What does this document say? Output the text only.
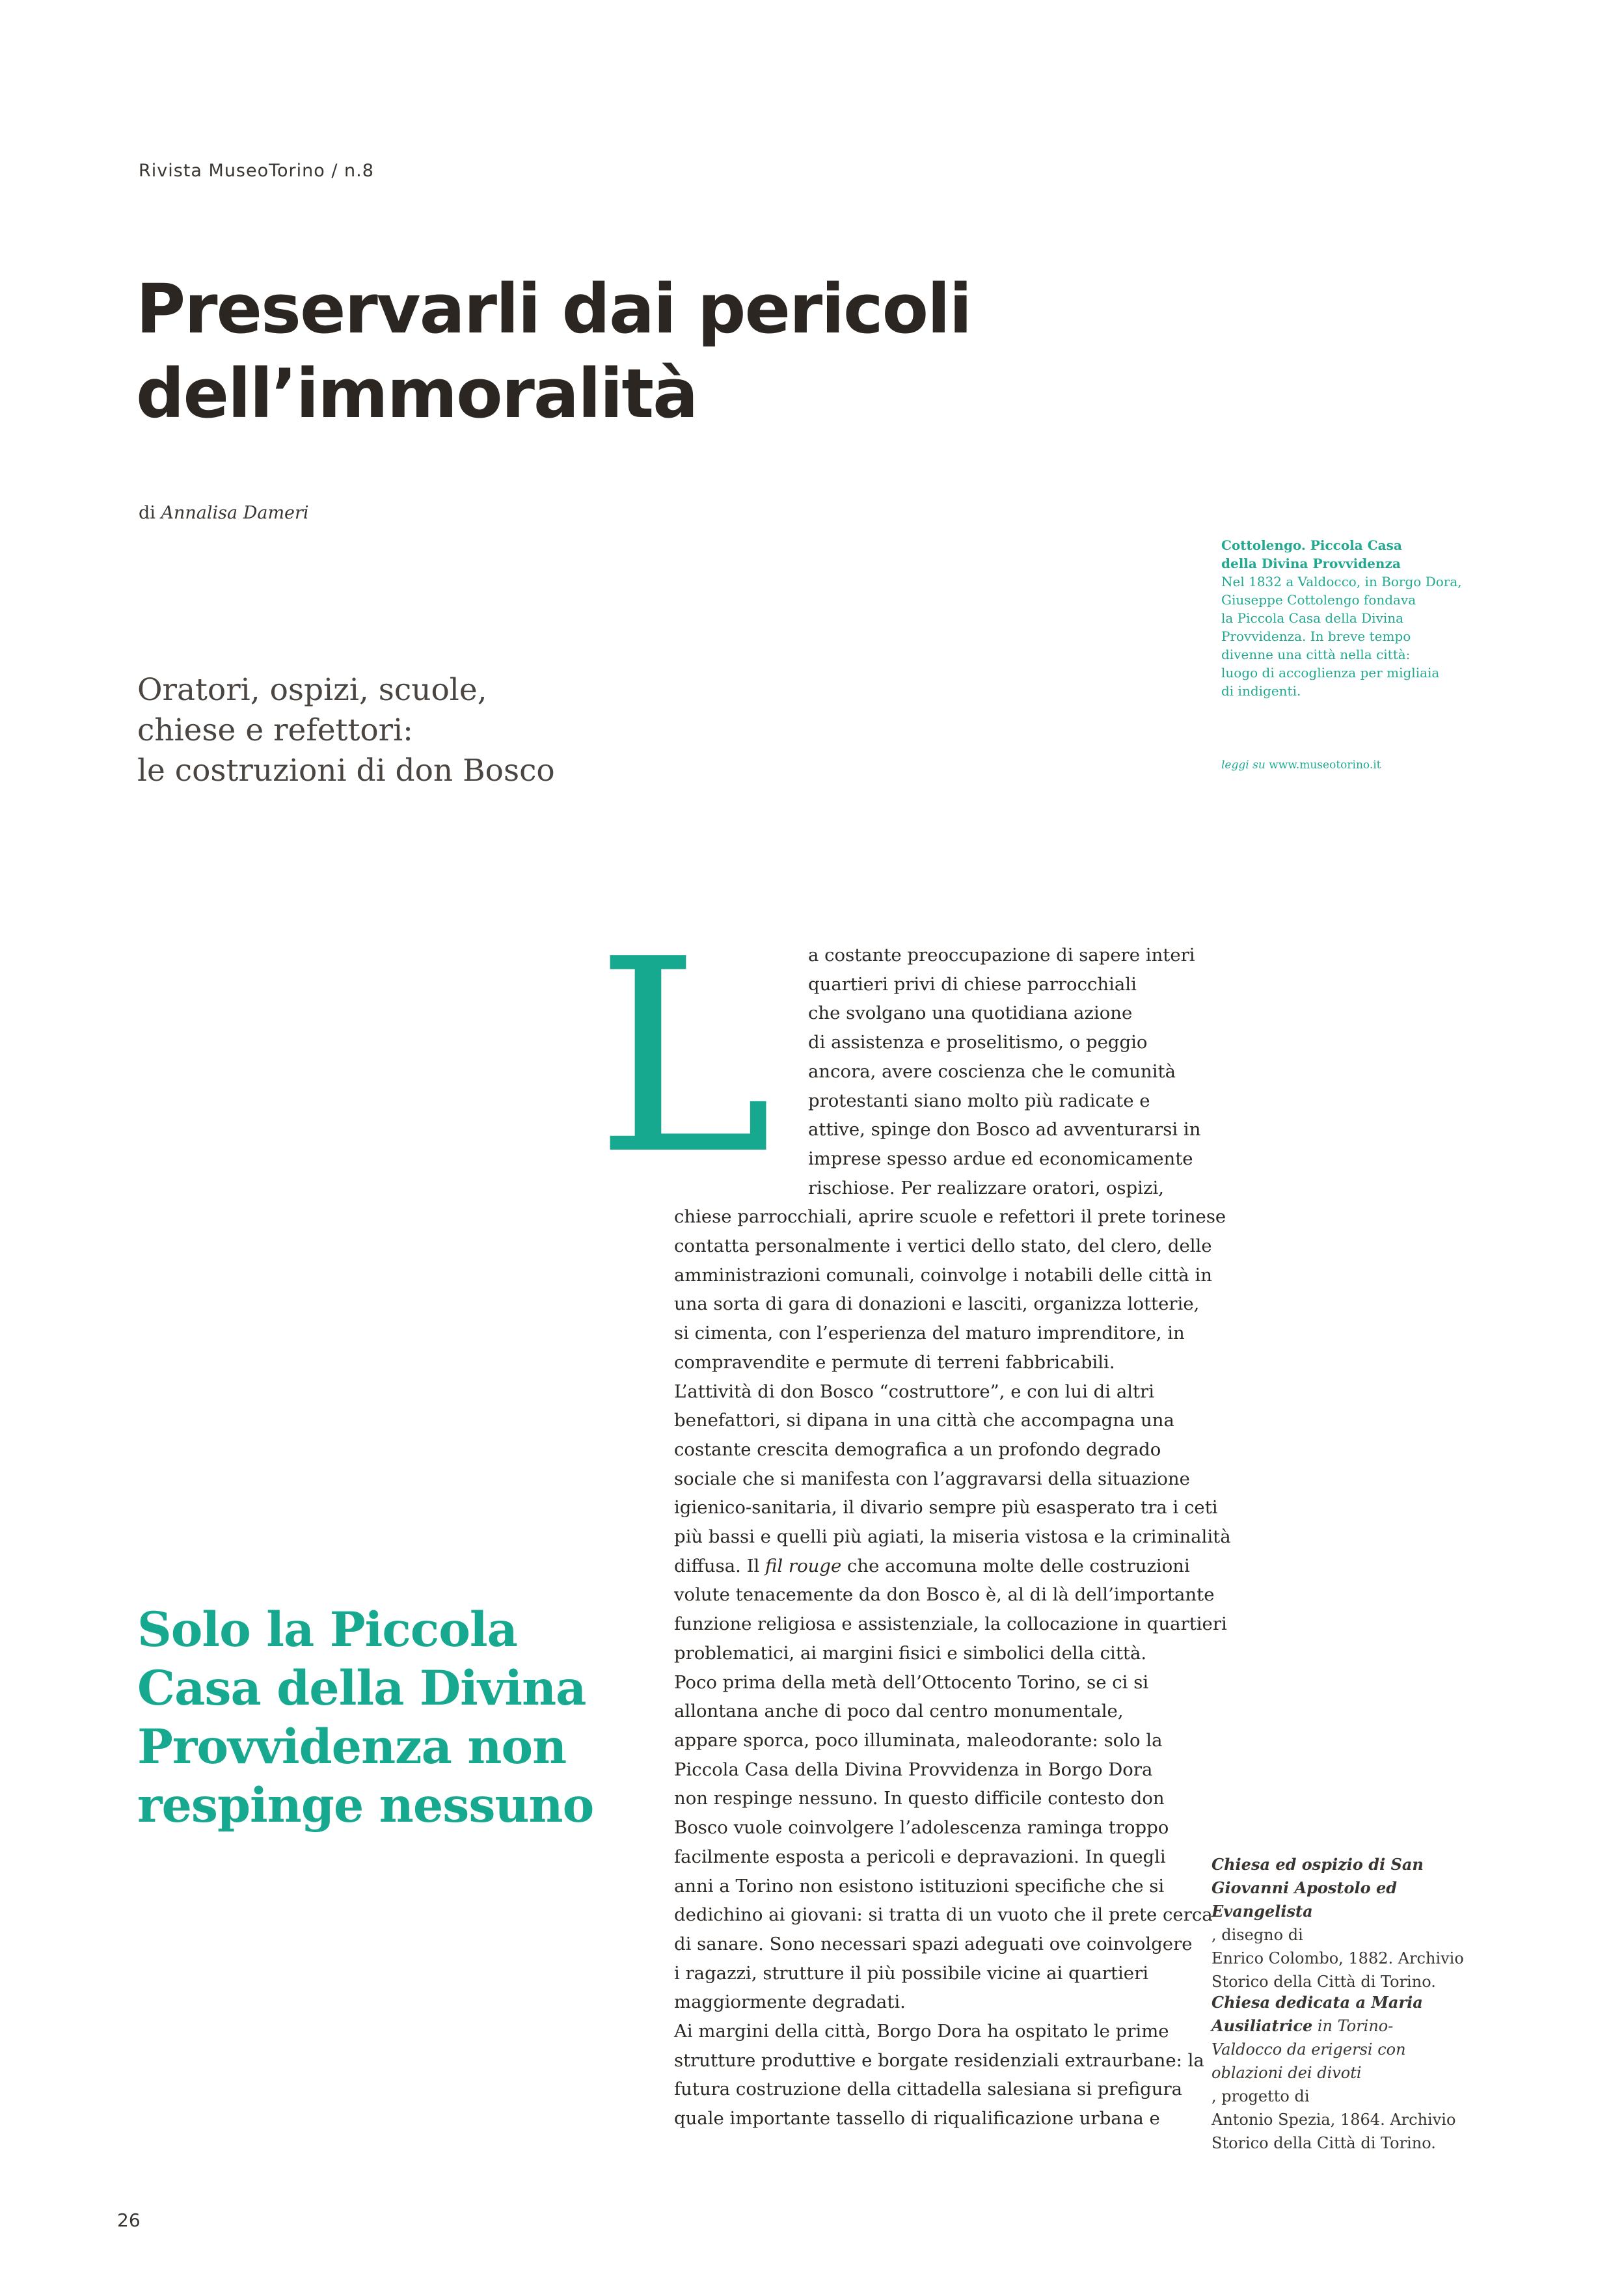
Rivista MuseoTorino / n.8
Preservarli dai pericoli
dell’immoralità
di Annalisa Dameri
Oratori, ospizi, scuole,
chiese e refettori:
le costruzioni di don Bosco
Cottolengo. Piccola Casa
della Divina Provvidenza
Nel 1832 a Valdocco, in Borgo Dora,
Giuseppe Cottolengo fondava
la Piccola Casa della Divina
Provvidenza. In breve tempo
divenne una città nella città:
luogo di accoglienza per migliaia
di indigenti.
leggi su www.museotorino.it
L a costante preoccupazione di sapere interi
quartieri privi di chiese parrocchiali
che svolgano una quotidiana azione
di assistenza e proselitismo, o peggio
ancora, avere coscienza che le comunità
protestanti siano molto più radicate e
attive, spinge don Bosco ad avventurarsi in
imprese spesso ardue ed economicamente
rischiose. Per realizzare oratori, ospizi,
chiese parrocchiali, aprire scuole e refettori il prete torinese
contatta personalmente i vertici dello stato, del clero, delle
amministrazioni comunali, coinvolge i notabili delle città in
una sorta di gara di donazioni e lasciti, organizza lotterie,
si cimenta, con l’esperienza del maturo imprenditore, in
compravendite e permute di terreni fabbricabili.
L’attività di don Bosco “costruttore”, e con lui di altri
benefattori, si dipana in una città che accompagna una
costante crescita demografica a un profondo degrado
sociale che si manifesta con l’aggravarsi della situazione
igienico-sanitaria, il divario sempre più esasperato tra i ceti
più bassi e quelli più agiati, la miseria vistosa e la criminalità
diffusa. Il fil rouge che accomuna molte delle costruzioni
volute tenacemente da don Bosco è, al di là dell’importante
funzione religiosa e assistenziale, la collocazione in quartieri
problematici, ai margini fisici e simbolici della città.
Poco prima della metà dell’Ottocento Torino, se ci si
allontana anche di poco dal centro monumentale,
appare sporca, poco illuminata, maleodorante: solo la
Piccola Casa della Divina Provvidenza in Borgo Dora
non respinge nessuno. In questo difficile contesto don
Bosco vuole coinvolgere l’adolescenza raminga troppo
facilmente esposta a pericoli e depravazioni. In quegli
anni a Torino non esistono istituzioni specifiche che si
dedichino ai giovani: si tratta di un vuoto che il prete cerca
di sanare. Sono necessari spazi adeguati ove coinvolgere
i ragazzi, strutture il più possibile vicine ai quartieri
maggiormente degradati.
Ai margini della città, Borgo Dora ha ospitato le prime
strutture produttive e borgate residenziali extraurbane: la
futura costruzione della cittadella salesiana si prefigura
quale importante tassello di riqualificazione urbana e
Solo la Piccola
Casa della Divina
Provvidenza non
respinge nessuno
Chiesa ed ospizio di San
Giovanni Apostolo ed
Evangelista
, disegno di
Enrico Colombo, 1882. Archivio
Storico della Città di Torino.
Chiesa dedicata a Maria
Ausiliatrice in Torino-
Valdocco da erigersi con
oblazioni dei divoti
, progetto di
Antonio Spezia, 1864. Archivio
Storico della Città di Torino.
26
